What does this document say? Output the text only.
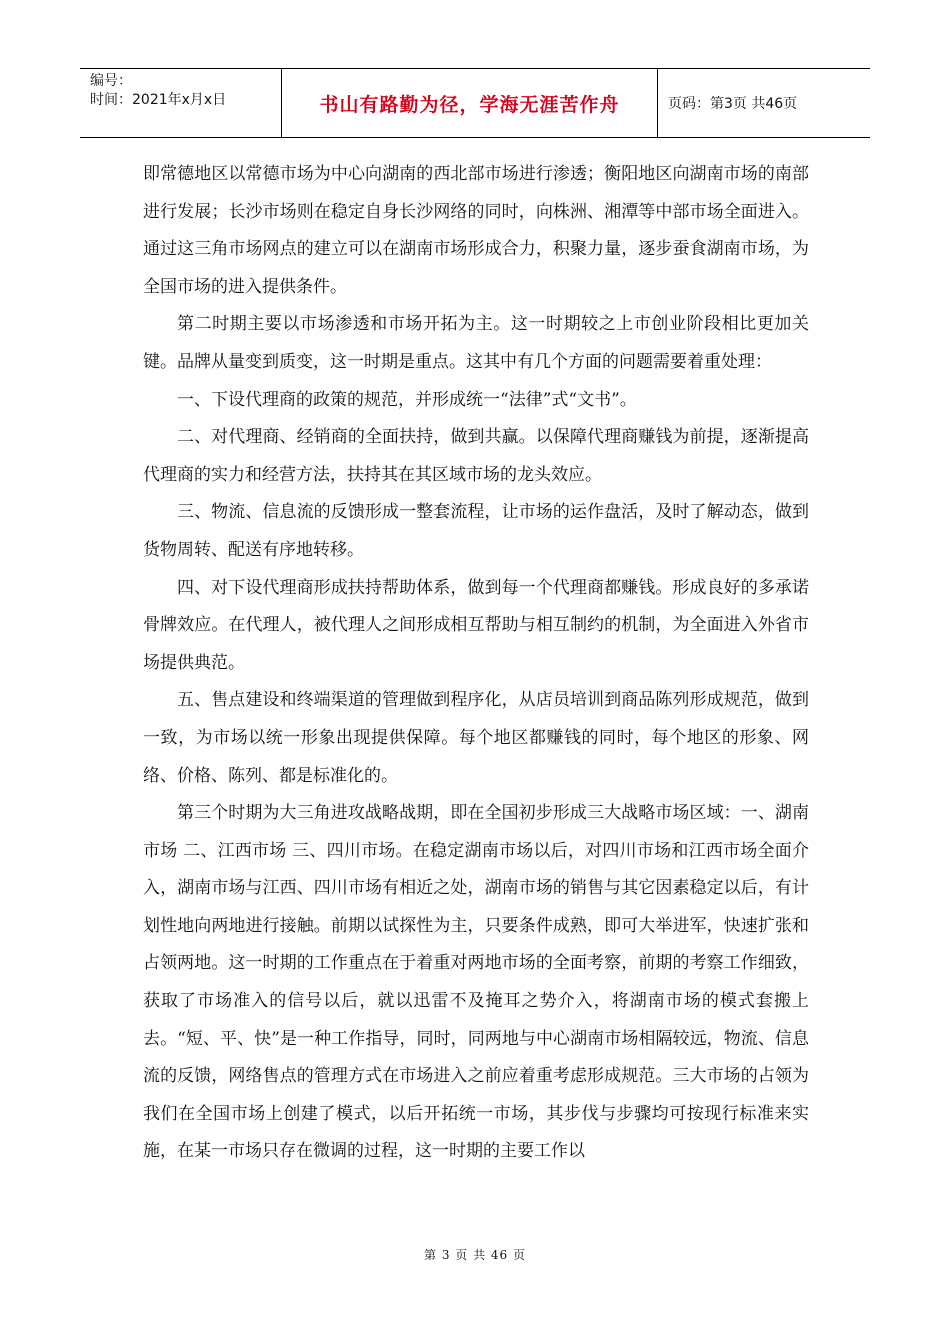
编号：
时间：2021年x月x日	书山有路勤为径，学海无涯苦作舟	页码：第3页 共46页

即常德地区以常德市场为中心向湖南的西北部市场进行渗透；衡阳地区向湖南市场的南部进行发展；长沙市场则在稳定自身长沙网络的同时，向株洲、湘潭等中部市场全面进入。通过这三角市场网点的建立可以在湖南市场形成合力，积聚力量，逐步蚕食湖南市场，为全国市场的进入提供条件。

第二时期主要以市场渗透和市场开拓为主。这一时期较之上市创业阶段相比更加关键。品牌从量变到质变，这一时期是重点。这其中有几个方面的问题需要着重处理：

一、下设代理商的政策的规范，并形成统一“法律”式“文书”。

二、对代理商、经销商的全面扶持，做到共赢。以保障代理商赚钱为前提，逐渐提高代理商的实力和经营方法，扶持其在其区域市场的龙头效应。

三、物流、信息流的反馈形成一整套流程，让市场的运作盘活，及时了解动态，做到货物周转、配送有序地转移。

四、对下设代理商形成扶持帮助体系，做到每一个代理商都赚钱。形成良好的多承诺骨牌效应。在代理人，被代理人之间形成相互帮助与相互制约的机制，为全面进入外省市场提供典范。

五、售点建设和终端渠道的管理做到程序化，从店员培训到商品陈列形成规范，做到一致，为市场以统一形象出现提供保障。每个地区都赚钱的同时，每个地区的形象、网络、价格、陈列、都是标准化的。

第三个时期为大三角进攻战略战期，即在全国初步形成三大战略市场区域：一、湖南市场 二、江西市场 三、四川市场。在稳定湖南市场以后，对四川市场和江西市场全面介入，湖南市场与江西、四川市场有相近之处，湖南市场的销售与其它因素稳定以后，有计划性地向两地进行接触。前期以试探性为主，只要条件成熟，即可大举进军，快速扩张和占领两地。这一时期的工作重点在于着重对两地市场的全面考察，前期的考察工作细致，获取了市场准入的信号以后，就以迅雷不及掩耳之势介入，将湖南市场的模式套搬上去。“短、平、快”是一种工作指导，同时，同两地与中心湖南市场相隔较远，物流、信息流的反馈，网络售点的管理方式在市场进入之前应着重考虑形成规范。三大市场的占领为我们在全国市场上创建了模式，以后开拓统一市场，其步伐与步骤均可按现行标准来实施，在某一市场只存在微调的过程，这一时期的主要工作以

第 3 页 共 46 页
